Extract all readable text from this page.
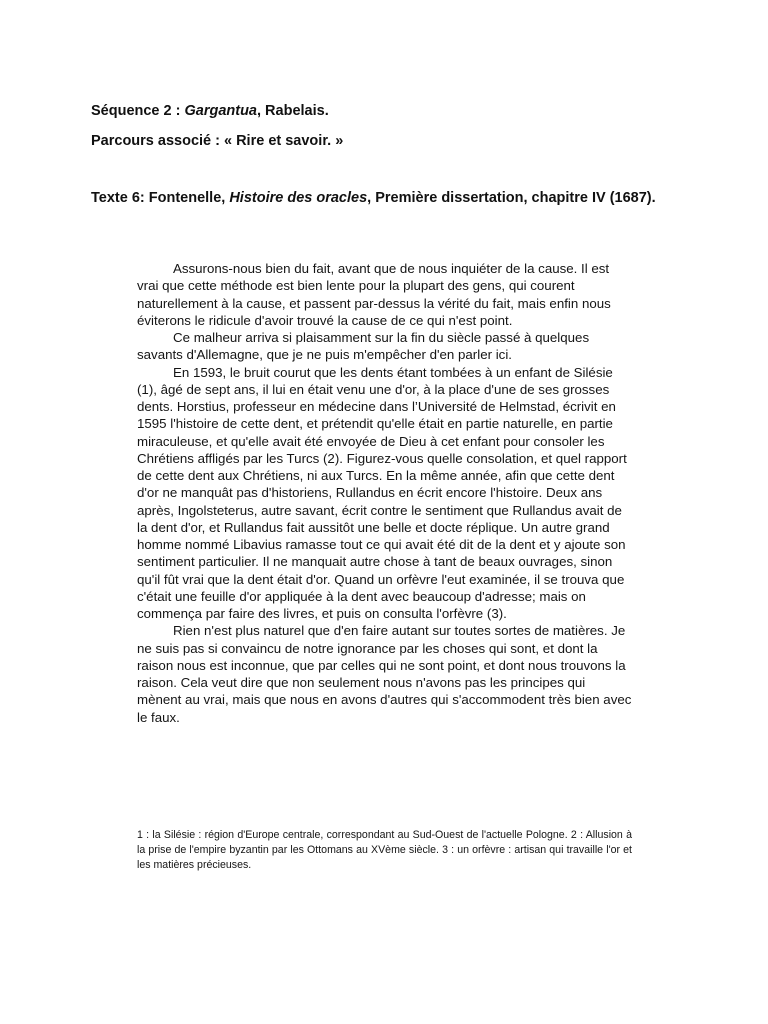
Séquence 2 : Gargantua, Rabelais.
Parcours associé : « Rire et savoir. »
Texte 6: Fontenelle, Histoire des oracles, Première dissertation, chapitre IV (1687).

Assurons-nous bien du fait, avant que de nous inquiéter de la cause. Il est vrai que cette méthode est bien lente pour la plupart des gens, qui courent naturellement à la cause, et passent par-dessus la vérité du fait, mais enfin nous éviterons le ridicule d'avoir trouvé la cause de ce qui n'est point.

Ce malheur arriva si plaisamment sur la fin du siècle passé à quelques savants d'Allemagne, que je ne puis m'empêcher d'en parler ici.

En 1593, le bruit courut que les dents étant tombées à un enfant de Silésie (1), âgé de sept ans, il lui en était venu une d'or, à la place d'une de ses grosses dents. Horstius, professeur en médecine dans l’Université de Helmstad, écrivit en 1595 l'histoire de cette dent, et prétendit qu'elle était en partie naturelle, en partie miraculeuse, et qu'elle avait été envoyée de Dieu à cet enfant pour consoler les Chrétiens affligés par les Turcs (2). Figurez-vous quelle consolation, et quel rapport de cette dent aux Chrétiens, ni aux Turcs. En la même année, afin que cette dent d'or ne manquât pas d'historiens, Rullandus en écrit encore l'histoire. Deux ans après, Ingolsteterus, autre savant, écrit contre le sentiment que Rullandus avait de la dent d'or, et Rullandus fait aussitôt une belle et docte réplique. Un autre grand homme nommé Libavius ramasse tout ce qui avait été dit de la dent et y ajoute son sentiment particulier. Il ne manquait autre chose à tant de beaux ouvrages, sinon qu'il fût vrai que la dent était d'or. Quand un orfèvre l'eut examinée, il se trouva que c'était une feuille d'or appliquée à la dent avec beaucoup d'adresse; mais on commença par faire des livres, et puis on consulta l'orfèvre (3).

Rien n'est plus naturel que d'en faire autant sur toutes sortes de matières. Je ne suis pas si convaincu de notre ignorance par les choses qui sont, et dont la raison nous est inconnue, que par celles qui ne sont point, et dont nous trouvons la raison. Cela veut dire que non seulement nous n'avons pas les principes qui mènent au vrai, mais que nous en avons d'autres qui s'accommodent très bien avec le faux.

1 : la Silésie : région d'Europe centrale, correspondant au Sud-Ouest de l'actuelle Pologne. 2 : Allusion à la prise de l'empire byzantin par les Ottomans au XVème siècle. 3 : un orfèvre : artisan qui travaille l'or et les matières précieuses.
